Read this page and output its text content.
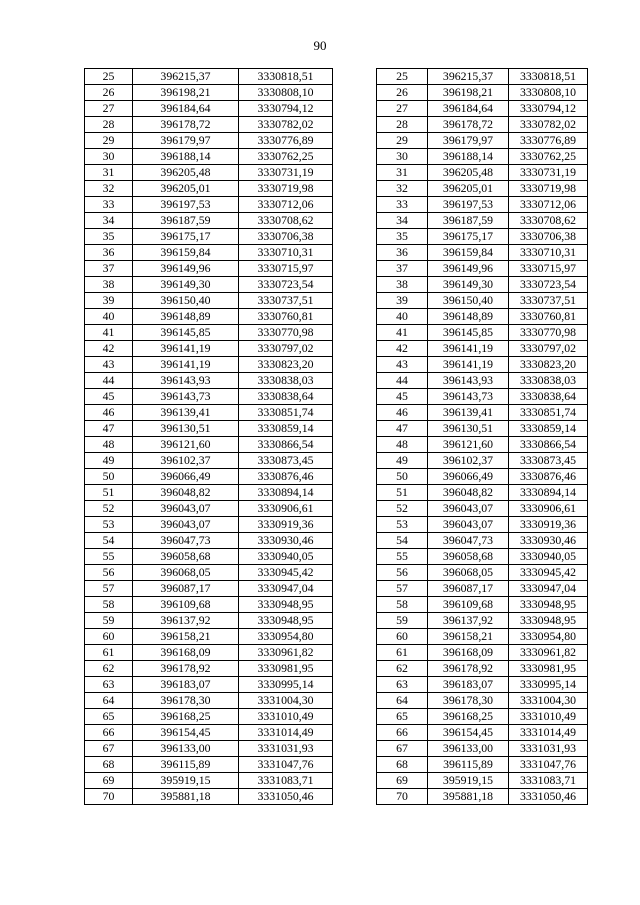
90
25	396215,37	3330818,51
26	396198,21	3330808,10
27	396184,64	3330794,12
28	396178,72	3330782,02
29	396179,97	3330776,89
30	396188,14	3330762,25
31	396205,48	3330731,19
32	396205,01	3330719,98
33	396197,53	3330712,06
34	396187,59	3330708,62
35	396175,17	3330706,38
36	396159,84	3330710,31
37	396149,96	3330715,97
38	396149,30	3330723,54
39	396150,40	3330737,51
40	396148,89	3330760,81
41	396145,85	3330770,98
42	396141,19	3330797,02
43	396141,19	3330823,20
44	396143,93	3330838,03
45	396143,73	3330838,64
46	396139,41	3330851,74
47	396130,51	3330859,14
48	396121,60	3330866,54
49	396102,37	3330873,45
50	396066,49	3330876,46
51	396048,82	3330894,14
52	396043,07	3330906,61
53	396043,07	3330919,36
54	396047,73	3330930,46
55	396058,68	3330940,05
56	396068,05	3330945,42
57	396087,17	3330947,04
58	396109,68	3330948,95
59	396137,92	3330948,95
60	396158,21	3330954,80
61	396168,09	3330961,82
62	396178,92	3330981,95
63	396183,07	3330995,14
64	396178,30	3331004,30
65	396168,25	3331010,49
66	396154,45	3331014,49
67	396133,00	3331031,93
68	396115,89	3331047,76
69	395919,15	3331083,71
70	395881,18	3331050,46
25	396215,37	3330818,51
26	396198,21	3330808,10
27	396184,64	3330794,12
28	396178,72	3330782,02
29	396179,97	3330776,89
30	396188,14	3330762,25
31	396205,48	3330731,19
32	396205,01	3330719,98
33	396197,53	3330712,06
34	396187,59	3330708,62
35	396175,17	3330706,38
36	396159,84	3330710,31
37	396149,96	3330715,97
38	396149,30	3330723,54
39	396150,40	3330737,51
40	396148,89	3330760,81
41	396145,85	3330770,98
42	396141,19	3330797,02
43	396141,19	3330823,20
44	396143,93	3330838,03
45	396143,73	3330838,64
46	396139,41	3330851,74
47	396130,51	3330859,14
48	396121,60	3330866,54
49	396102,37	3330873,45
50	396066,49	3330876,46
51	396048,82	3330894,14
52	396043,07	3330906,61
53	396043,07	3330919,36
54	396047,73	3330930,46
55	396058,68	3330940,05
56	396068,05	3330945,42
57	396087,17	3330947,04
58	396109,68	3330948,95
59	396137,92	3330948,95
60	396158,21	3330954,80
61	396168,09	3330961,82
62	396178,92	3330981,95
63	396183,07	3330995,14
64	396178,30	3331004,30
65	396168,25	3331010,49
66	396154,45	3331014,49
67	396133,00	3331031,93
68	396115,89	3331047,76
69	395919,15	3331083,71
70	395881,18	3331050,46
